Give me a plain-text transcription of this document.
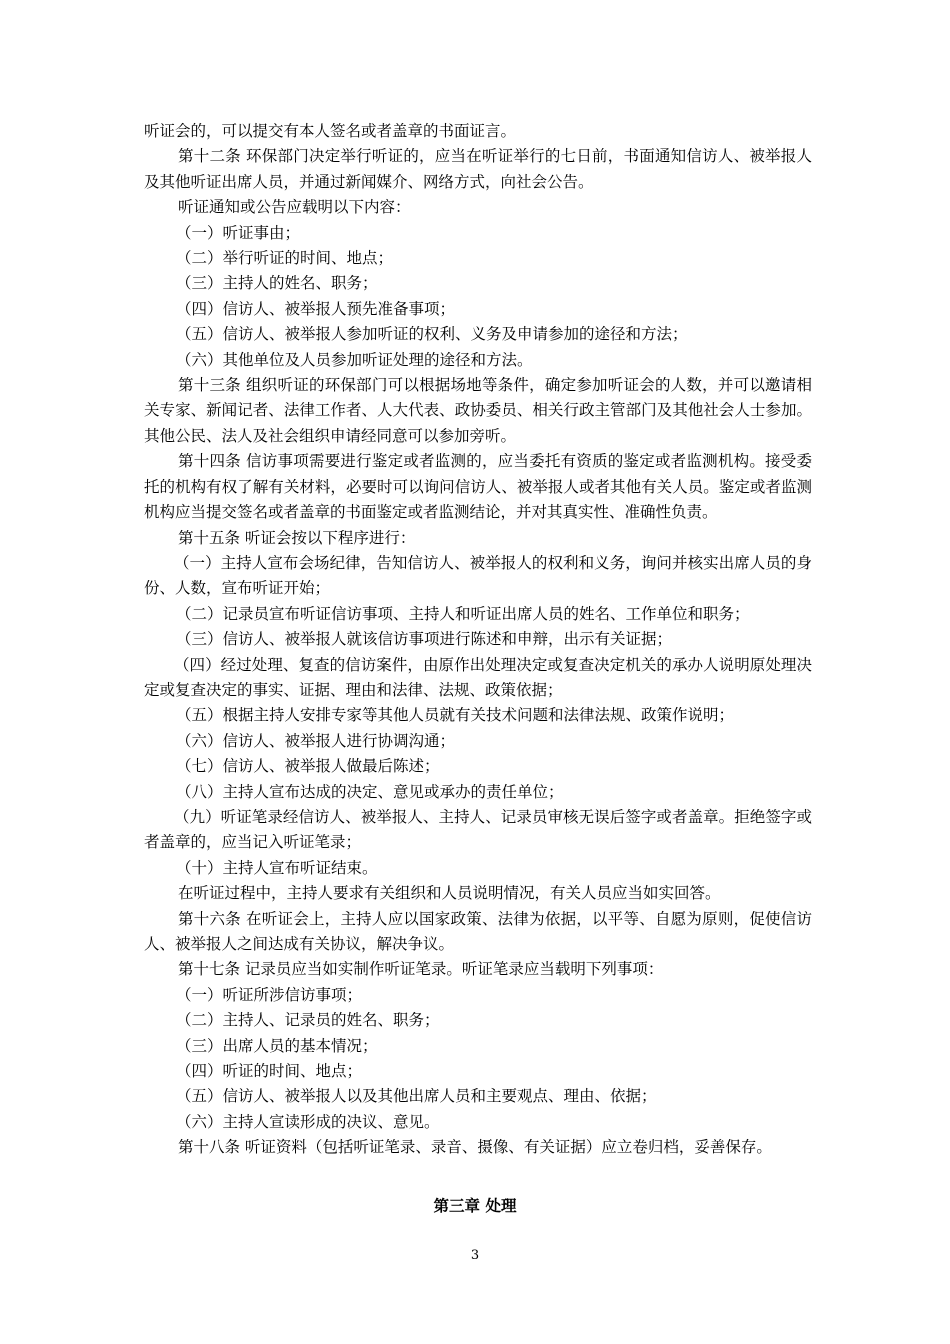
听证会的，可以提交有本人签名或者盖章的书面证言。

第十二条 环保部门决定举行听证的，应当在听证举行的七日前，书面通知信访人、被举报人及其他听证出席人员，并通过新闻媒介、网络方式，向社会公告。

听证通知或公告应载明以下内容：

（一）听证事由；

（二）举行听证的时间、地点；

（三）主持人的姓名、职务；

（四）信访人、被举报人预先准备事项；

（五）信访人、被举报人参加听证的权利、义务及申请参加的途径和方法；

（六）其他单位及人员参加听证处理的途径和方法。

第十三条 组织听证的环保部门可以根据场地等条件，确定参加听证会的人数，并可以邀请相关专家、新闻记者、法律工作者、人大代表、政协委员、相关行政主管部门及其他社会人士参加。其他公民、法人及社会组织申请经同意可以参加旁听。

第十四条 信访事项需要进行鉴定或者监测的，应当委托有资质的鉴定或者监测机构。接受委托的机构有权了解有关材料，必要时可以询问信访人、被举报人或者其他有关人员。鉴定或者监测机构应当提交签名或者盖章的书面鉴定或者监测结论，并对其真实性、准确性负责。

第十五条 听证会按以下程序进行：

（一）主持人宣布会场纪律，告知信访人、被举报人的权利和义务，询问并核实出席人员的身份、人数，宣布听证开始；

（二）记录员宣布听证信访事项、主持人和听证出席人员的姓名、工作单位和职务；

（三）信访人、被举报人就该信访事项进行陈述和申辩，出示有关证据；

（四）经过处理、复查的信访案件，由原作出处理决定或复查决定机关的承办人说明原处理决定或复查决定的事实、证据、理由和法律、法规、政策依据；

（五）根据主持人安排专家等其他人员就有关技术问题和法律法规、政策作说明；

（六）信访人、被举报人进行协调沟通；

（七）信访人、被举报人做最后陈述；

（八）主持人宣布达成的决定、意见或承办的责任单位；

（九）听证笔录经信访人、被举报人、主持人、记录员审核无误后签字或者盖章。拒绝签字或者盖章的，应当记入听证笔录；

（十）主持人宣布听证结束。

在听证过程中，主持人要求有关组织和人员说明情况，有关人员应当如实回答。

第十六条 在听证会上，主持人应以国家政策、法律为依据，以平等、自愿为原则，促使信访人、被举报人之间达成有关协议，解决争议。

第十七条 记录员应当如实制作听证笔录。听证笔录应当载明下列事项：

（一）听证所涉信访事项；

（二）主持人、记录员的姓名、职务；

（三）出席人员的基本情况；

（四）听证的时间、地点；

（五）信访人、被举报人以及其他出席人员和主要观点、理由、依据；

（六）主持人宣读形成的决议、意见。

第十八条 听证资料（包括听证笔录、录音、摄像、有关证据）应立卷归档，妥善保存。

第三章 处理
3
